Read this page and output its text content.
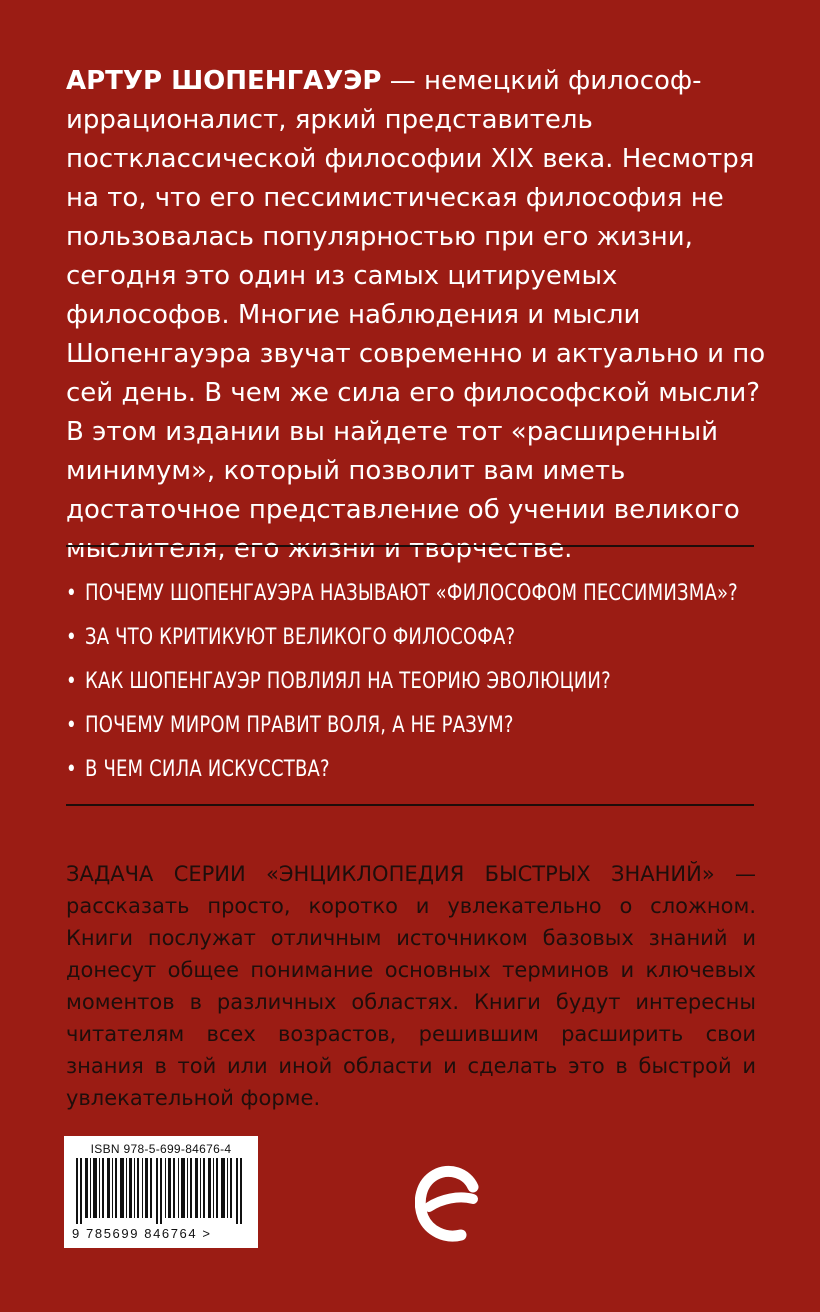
АРТУР ШОПЕНГАУЭР — немецкий философ-иррационалист, яркий представитель постклассической философии XIX века. Несмотря на то, что его пессимистическая философия не пользовалась популярностью при его жизни, сегодня это один из самых цитируемых философов. Многие наблюдения и мысли Шопенгауэра звучат современно и актуально и по сей день. В чем же сила его философской мысли? В этом издании вы найдете тот «расширенный минимум», который позволит вам иметь достаточное представление об учении великого мыслителя, его жизни и творчестве.

• ПОЧЕМУ ШОПЕНГАУЭРА НАЗЫВАЮТ «ФИЛОСОФОМ ПЕССИМИЗМА»?
• ЗА ЧТО КРИТИКУЮТ ВЕЛИКОГО ФИЛОСОФА?
• КАК ШОПЕНГАУЭР ПОВЛИЯЛ НА ТЕОРИЮ ЭВОЛЮЦИИ?
• ПОЧЕМУ МИРОМ ПРАВИТ ВОЛЯ, А НЕ РАЗУМ?
• В ЧЕМ СИЛА ИСКУССТВА?

ЗАДАЧА СЕРИИ «ЭНЦИКЛОПЕДИЯ БЫСТРЫХ ЗНАНИЙ» — рассказать просто, коротко и увлекательно о сложном. Книги послужат отличным источником базовых знаний и донесут общее понимание основных терминов и ключевых моментов в различных областях. Книги будут интересны читателям всех возрастов, решившим расширить свои знания в той или иной области и сделать это в быстрой и увлекательной форме.

ISBN 978-5-699-84676-4
9 785699 846764 >
